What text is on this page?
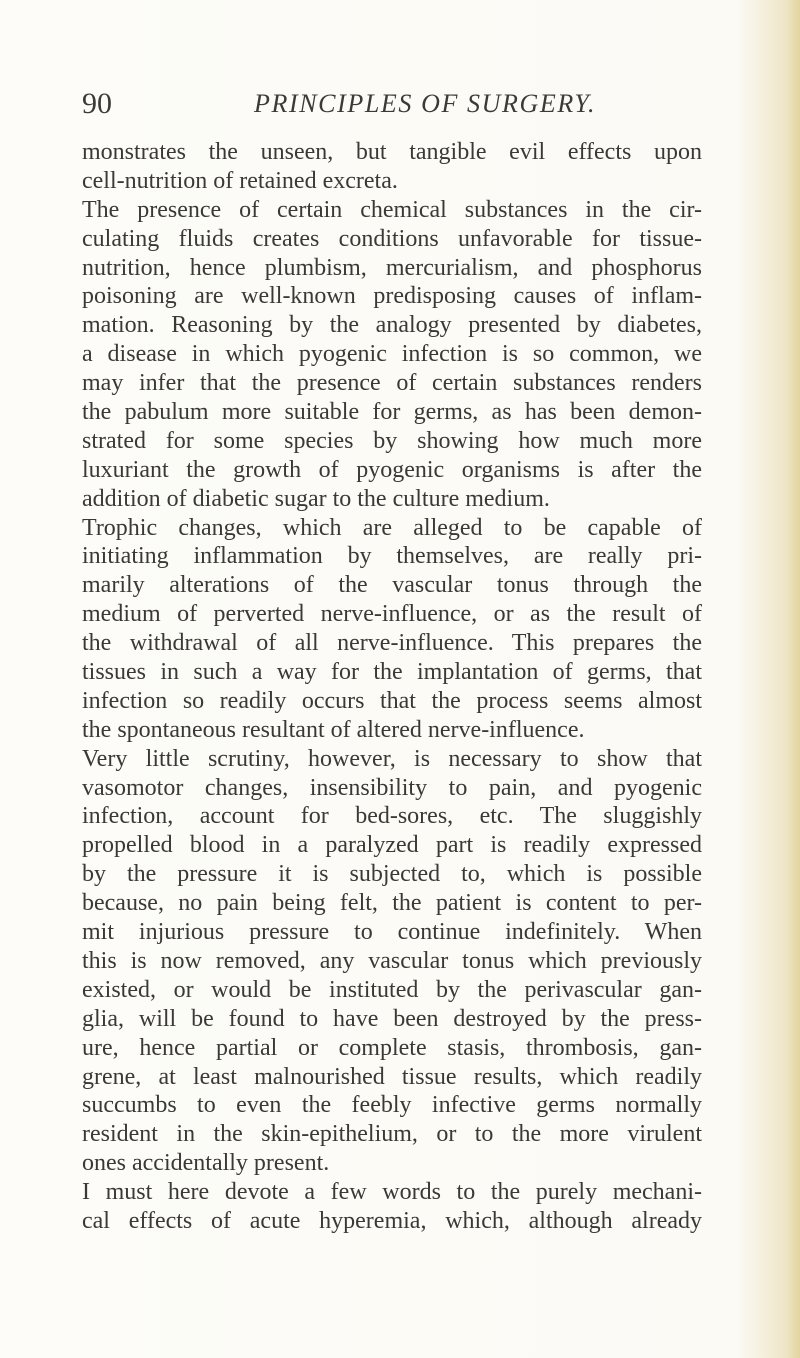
90	PRINCIPLES OF SURGERY.
monstrates the unseen, but tangible evil effects upon
cell-nutrition of retained excreta.
The presence of certain chemical substances in the cir-
culating fluids creates conditions unfavorable for tissue-
nutrition, hence plumbism, mercurialism, and phosphorus
poisoning are well-known predisposing causes of inflam-
mation. Reasoning by the analogy presented by diabetes,
a disease in which pyogenic infection is so common, we
may infer that the presence of certain substances renders
the pabulum more suitable for germs, as has been demon-
strated for some species by showing how much more
luxuriant the growth of pyogenic organisms is after the
addition of diabetic sugar to the culture medium.
Trophic changes, which are alleged to be capable of
initiating inflammation by themselves, are really pri-
marily alterations of the vascular tonus through the
medium of perverted nerve-influence, or as the result of
the withdrawal of all nerve-influence. This prepares the
tissues in such a way for the implantation of germs, that
infection so readily occurs that the process seems almost
the spontaneous resultant of altered nerve-influence.
Very little scrutiny, however, is necessary to show that
vasomotor changes, insensibility to pain, and pyogenic
infection, account for bed-sores, etc. The sluggishly
propelled blood in a paralyzed part is readily expressed
by the pressure it is subjected to, which is possible
because, no pain being felt, the patient is content to per-
mit injurious pressure to continue indefinitely. When
this is now removed, any vascular tonus which previously
existed, or would be instituted by the perivascular gan-
glia, will be found to have been destroyed by the press-
ure, hence partial or complete stasis, thrombosis, gan-
grene, at least malnourished tissue results, which readily
succumbs to even the feebly infective germs normally
resident in the skin-epithelium, or to the more virulent
ones accidentally present.
I must here devote a few words to the purely mechani-
cal effects of acute hyperemia, which, although already
